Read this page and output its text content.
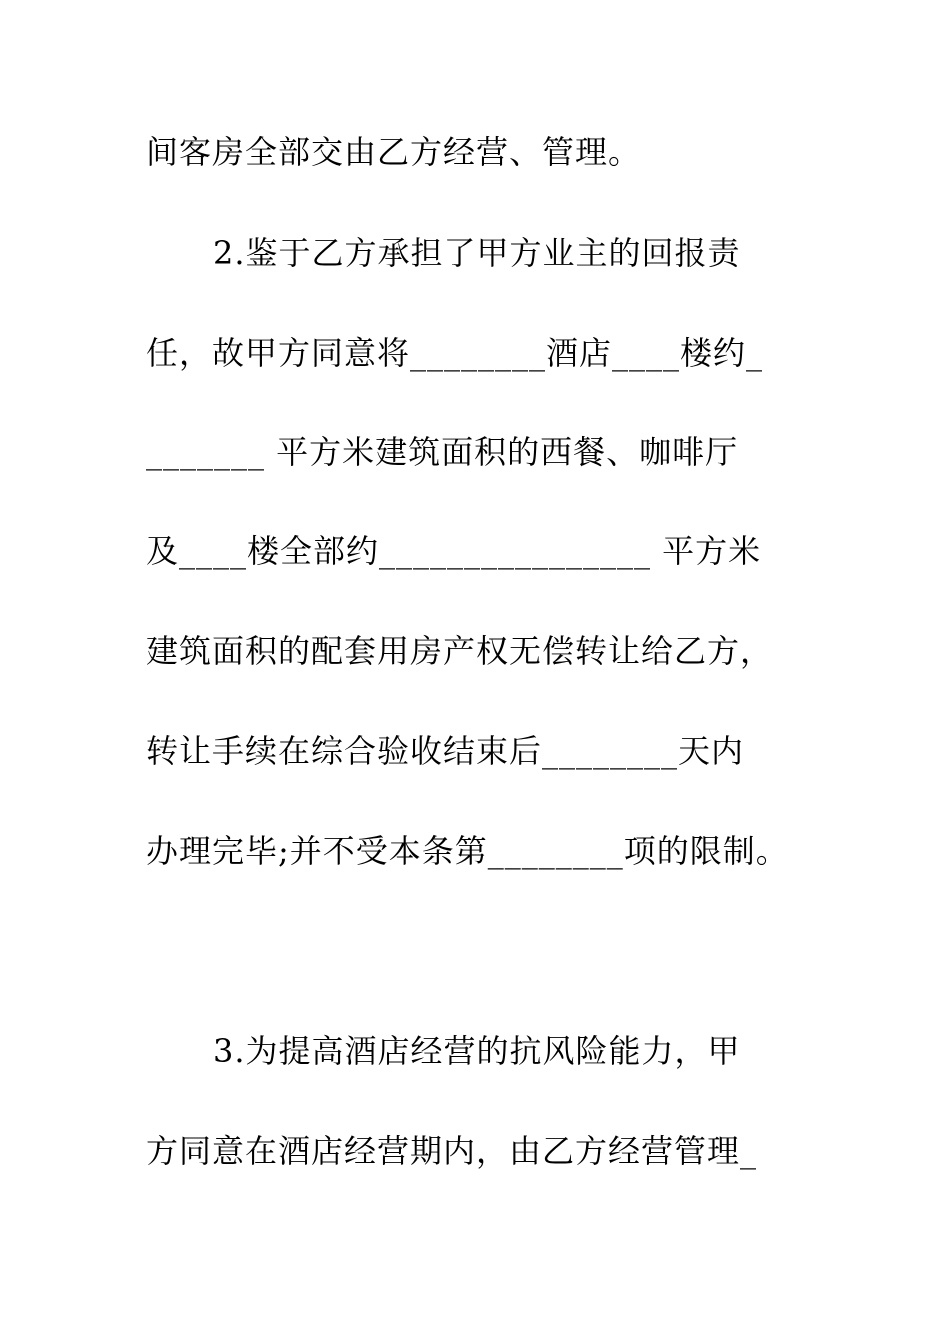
间客房全部交由乙方经营、管理。
2.鉴于乙方承担了甲方业主的回报责
任，故甲方同意将________酒店____楼约_
_______ 平方米建筑面积的西餐、咖啡厅
及____楼全部约________________ 平方米
建筑面积的配套用房产权无偿转让给乙方，
转让手续在综合验收结束后________天内
办理完毕;并不受本条第________项的限制。
3.为提高酒店经营的抗风险能力，甲
方同意在酒店经营期内，由乙方经营管理_
